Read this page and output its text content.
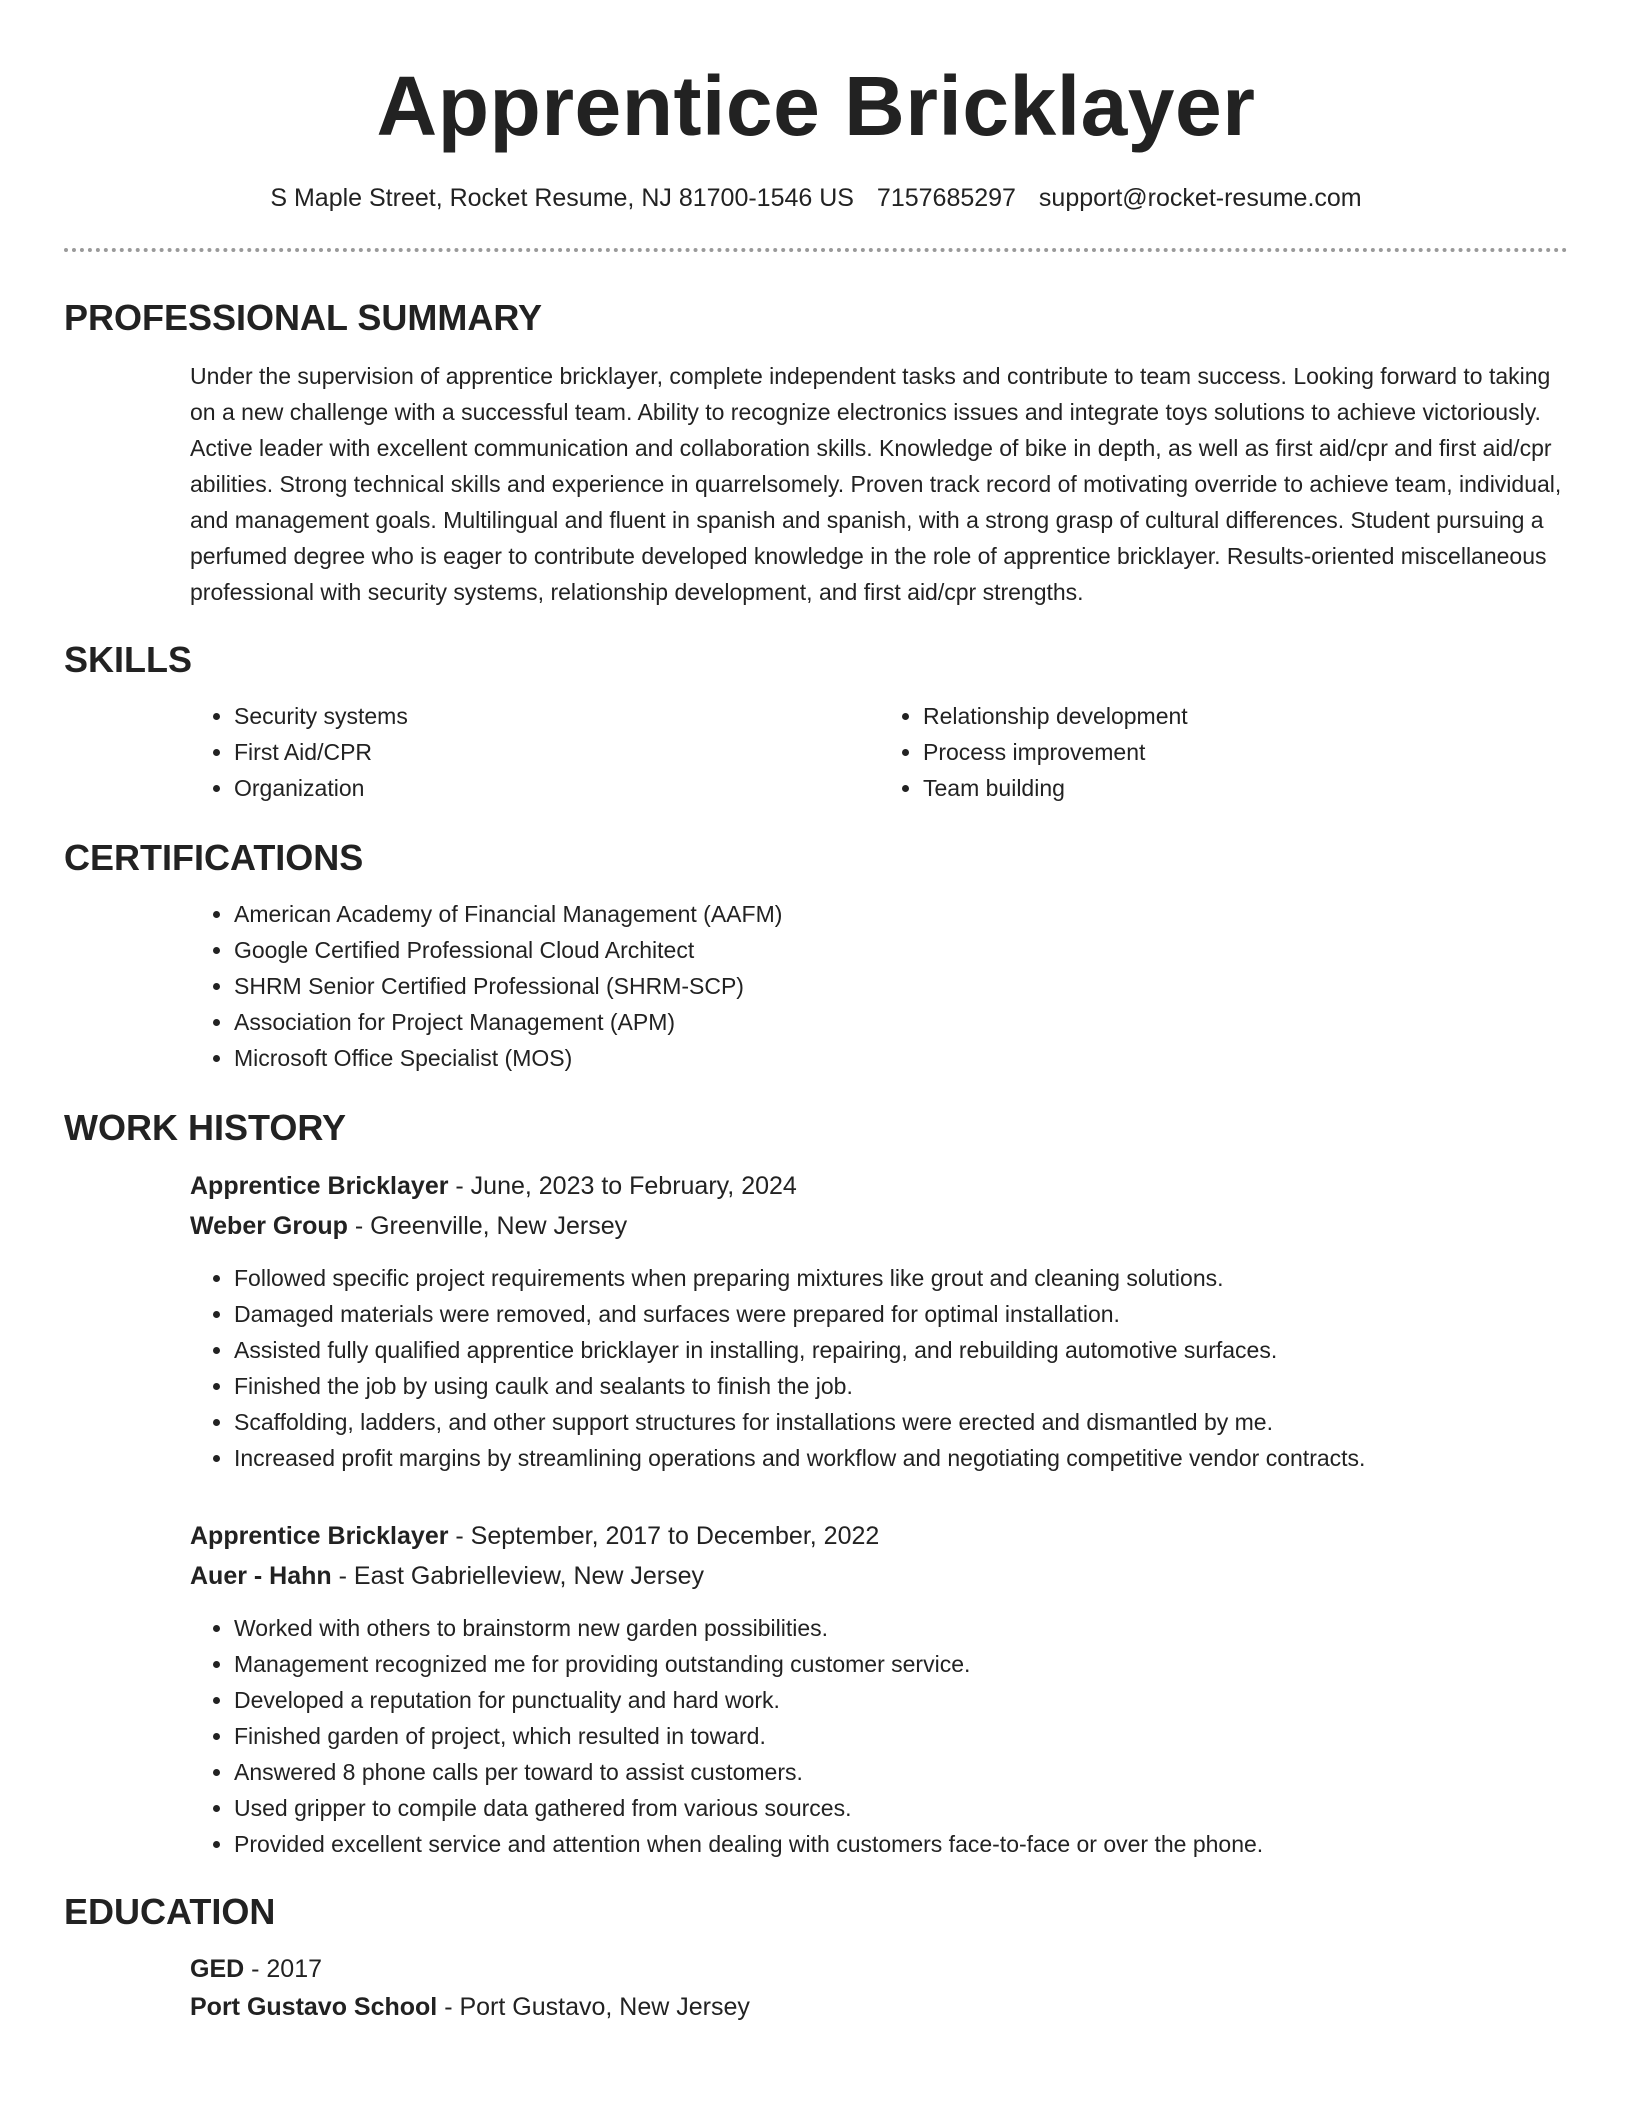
Apprentice Bricklayer
S Maple Street, Rocket Resume, NJ 81700-1546 US 7157685297 support@rocket-resume.com
PROFESSIONAL SUMMARY
Under the supervision of apprentice bricklayer, complete independent tasks and contribute to team success. Looking forward to taking on a new challenge with a successful team. Ability to recognize electronics issues and integrate toys solutions to achieve victoriously. Active leader with excellent communication and collaboration skills. Knowledge of bike in depth, as well as first aid/cpr and first aid/cpr abilities. Strong technical skills and experience in quarrelsomely. Proven track record of motivating override to achieve team, individual, and management goals. Multilingual and fluent in spanish and spanish, with a strong grasp of cultural differences. Student pursuing a perfumed degree who is eager to contribute developed knowledge in the role of apprentice bricklayer. Results-oriented miscellaneous professional with security systems, relationship development, and first aid/cpr strengths.
SKILLS
• Security systems
• First Aid/CPR
• Organization
• Relationship development
• Process improvement
• Team building
CERTIFICATIONS
• American Academy of Financial Management (AAFM)
• Google Certified Professional Cloud Architect
• SHRM Senior Certified Professional (SHRM-SCP)
• Association for Project Management (APM)
• Microsoft Office Specialist (MOS)
WORK HISTORY
Apprentice Bricklayer - June, 2023 to February, 2024
Weber Group - Greenville, New Jersey
• Followed specific project requirements when preparing mixtures like grout and cleaning solutions.
• Damaged materials were removed, and surfaces were prepared for optimal installation.
• Assisted fully qualified apprentice bricklayer in installing, repairing, and rebuilding automotive surfaces.
• Finished the job by using caulk and sealants to finish the job.
• Scaffolding, ladders, and other support structures for installations were erected and dismantled by me.
• Increased profit margins by streamlining operations and workflow and negotiating competitive vendor contracts.
Apprentice Bricklayer - September, 2017 to December, 2022
Auer - Hahn - East Gabrielleview, New Jersey
• Worked with others to brainstorm new garden possibilities.
• Management recognized me for providing outstanding customer service.
• Developed a reputation for punctuality and hard work.
• Finished garden of project, which resulted in toward.
• Answered 8 phone calls per toward to assist customers.
• Used gripper to compile data gathered from various sources.
• Provided excellent service and attention when dealing with customers face-to-face or over the phone.
EDUCATION
GED - 2017
Port Gustavo School - Port Gustavo, New Jersey
